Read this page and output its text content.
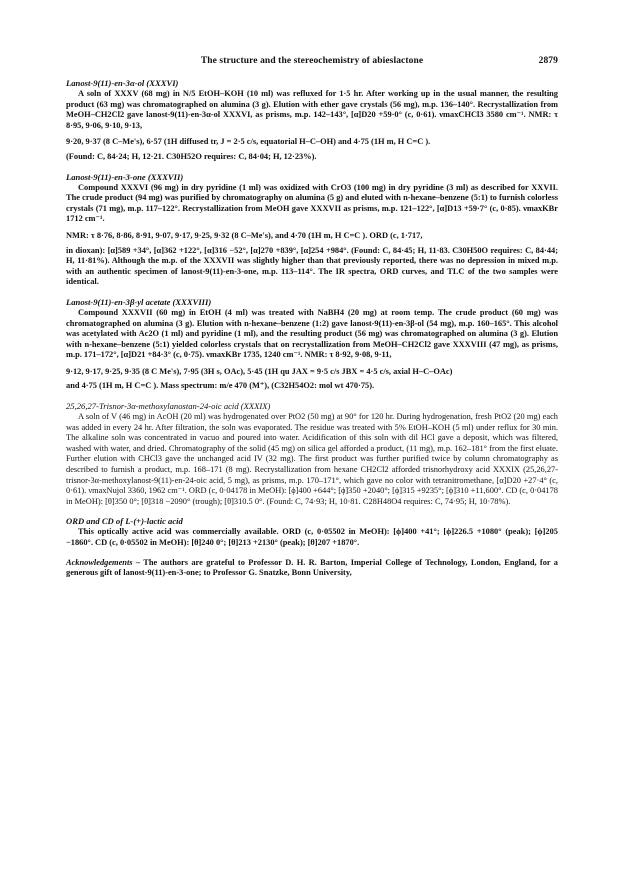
The structure and the stereochemistry of abieslactone	2879
Lanost-9(11)-en-3α-ol (XXXVI)

A soln of XXXV (68 mg) in N/5 EtOH–KOH (10 ml) was refluxed for 1·5 hr. After working up in the usual manner, the resulting product (63 mg) was chromatographed on alumina (3 g). Elution with ether gave crystals (56 mg), m.p. 136–140°. Recrystallization from MeOH–CH2Cl2 gave lanost-9(11)-en-3α-ol XXXVI, as prisms, m.p. 142–143°, [α]D20 +59·0° (c, 0·61). νmaxCHCl3 3580 cm⁻¹. NMR: τ 8·95, 9·06, 9·10, 9·13,

9·20, 9·37 (8 C–Me's), 6·57 (1H diffused tr, J = 2·5 c/s, equatorial H–C–OH) and 4·75 (1H m, H C=C ).

(Found: C, 84·24; H, 12·21. C30H52O requires: C, 84·04; H, 12·23%).

Lanost-9(11)-en-3-one (XXXVII)

Compound XXXVI (96 mg) in dry pyridine (1 ml) was oxidized with CrO3 (100 mg) in dry pyridine (3 ml) as described for XXVII. The crude product (94 mg) was purified by chromatography on alumina (5 g) and eluted with n-hexane–benzene (5:1) to furnish colorless crystals (71 mg), m.p. 117–122°. Recrystallization from MeOH gave XXXVII as prisms, m.p. 121–122°, [α]D13 +59·7° (c, 0·85). νmaxKBr 1712 cm⁻¹.

NMR: τ 8·76, 8·86, 8·91, 9·07, 9·17, 9·25, 9·32 (8 C–Me's), and 4·70 (1H m, H C=C ). ORD (c, 1·717,

in dioxan): [α]589 +34°, [α]362 +122°, [α]316 −52°, [α]270 +839°, [α]254 +984°. (Found: C, 84·45; H, 11·83. C30H50O requires: C, 84·44; H, 11·81%). Although the m.p. of the XXXVII was slightly higher than that previously reported, there was no depression in mixed m.p. with an authentic specimen of lanost-9(11)-en-3-one, m.p. 113–114°. The IR spectra, ORD curves, and TLC of the two samples were identical.

Lanost-9(11)-en-3β-yl acetate (XXXVIII)

Compound XXXVII (60 mg) in EtOH (4 ml) was treated with NaBH4 (20 mg) at room temp. The crude product (60 mg) was chromatographed on alumina (3 g). Elution with n-hexane–benzene (1:2) gave lanost-9(11)-en-3β-ol (54 mg), m.p. 160–165°. This alcohol was acetylated with Ac2O (1 ml) and pyridine (1 ml), and the resulting product (56 mg) was chromatographed on alumina (3 g). Elution with n-hexane–benzene (5:1) yielded colorless crystals that on recrystallization from MeOH–CH2Cl2 gave XXXVIII (47 mg), as prisms, m.p. 171–172°, [α]D21 +84·3° (c, 0·75). νmaxKBr 1735, 1240 cm⁻¹. NMR: τ 8·92, 9·08, 9·11,

9·12, 9·17, 9·25, 9·35 (8 C Me's), 7·95 (3H s, OAc), 5·45 (1H qu JAX = 9·5 c/s JBX = 4·5 c/s, axial H–C–OAc)

and 4·75 (1H m, H C=C ). Mass spectrum: m/e 470 (M⁺), (C32H54O2: mol wt 470·75).

25,26,27-Trisnor-3α-methoxylanostan-24-oic acid (XXXIX)

A soln of V (46 mg) in AcOH (20 ml) was hydrogenated over PtO2 (50 mg) at 90° for 120 hr. During hydrogenation, fresh PtO2 (20 mg) each was added in every 24 hr. After filtration, the soln was evaporated. The residue was treated with 5% EtOH–KOH (5 ml) under reflux for 30 min. The alkaline soln was concentrated in vacuo and poured into water. Acidification of this soln with dil HCl gave a deposit, which was filtered, washed with water, and dried. Chromatography of the solid (45 mg) on silica gel afforded a product, (11 mg), m.p. 162–181° from the first eluate. Further elution with CHCl3 gave the unchanged acid IV (32 mg). The first product was further purified twice by column chromatography as described to furnish a product, m.p. 168–171 (8 mg). Recrystallization from hexane CH2Cl2 afforded trisnorhydroxy acid XXXIX (25,26,27-trisnor-3α-methoxylanost-9(11)-en-24-oic acid, 5 mg), as prisms, m.p. 170–171°, which gave no color with tetranitromethane, [α]D20 +27·4° (c, 0·61). νmaxNujol 3360, 1962 cm⁻¹. ORD (c, 0·04178 in MeOH): [ϕ]400 +644°; [ϕ]350 +2040°; [ϕ]315 +9235°; [ϕ]310 +11,600°. CD (c, 0·04178 in MeOH): [θ]350 0°; [θ]318 −2090° (trough); [θ]310.5 0°. (Found: C, 74·93; H, 10·81. C28H48O4 requires: C, 74·95; H, 10·78%).

ORD and CD of L-(+)-lactic acid

This optically active acid was commercially available. ORD (c, 0·05502 in MeOH): [ϕ]400 +41°; [ϕ]226.5 +1080° (peak); [ϕ]205 −1860°. CD (c, 0·05502 in MeOH): [θ]240 0°; [θ]213 +2130° (peak); [θ]207 +1870°.

Acknowledgements – The authors are grateful to Professor D. H. R. Barton, Imperial College of Technology, London, England, for a generous gift of lanost-9(11)-en-3-one; to Professor G. Snatzke, Bonn University,
